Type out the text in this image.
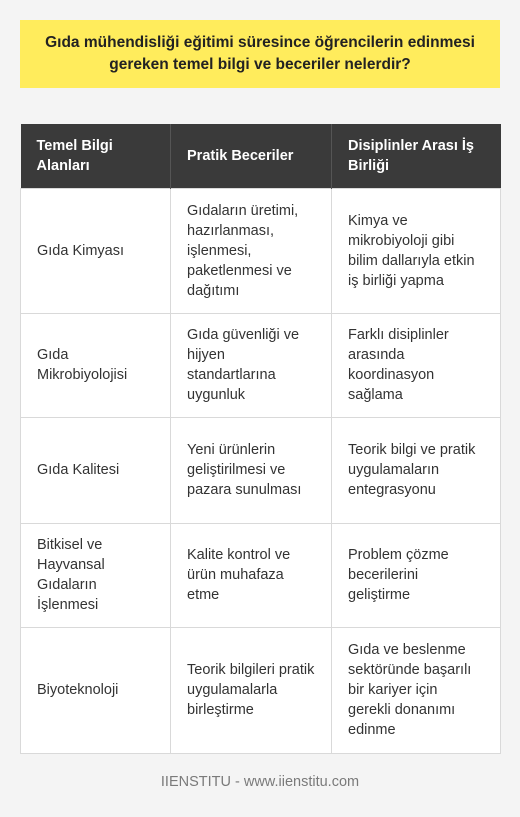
Gıda mühendisliği eğitimi süresince öğrencilerin edinmesi gereken temel bilgi ve beceriler nelerdir?
Temel Bilgi Alanları	Pratik Beceriler	Disiplinler Arası İş Birliği
Gıda Kimyası	Gıdaların üretimi, hazırlanması, işlenmesi, paketlenmesi ve dağıtımı	Kimya ve mikrobiyoloji gibi bilim dallarıyla etkin iş birliği yapma
Gıda Mikrobiyolojisi	Gıda güvenliği ve hijyen standartlarına uygunluk	Farklı disiplinler arasında koordinasyon sağlama
Gıda Kalitesi	Yeni ürünlerin geliştirilmesi ve pazara sunulması	Teorik bilgi ve pratik uygulamaların entegrasyonu
Bitkisel ve Hayvansal Gıdaların İşlenmesi	Kalite kontrol ve ürün muhafaza etme	Problem çözme becerilerini geliştirme
Biyoteknoloji	Teorik bilgileri pratik uygulamalarla birleştirme	Gıda ve beslenme sektöründe başarılı bir kariyer için gerekli donanımı edinme
IIENSTITU - www.iienstitu.com
